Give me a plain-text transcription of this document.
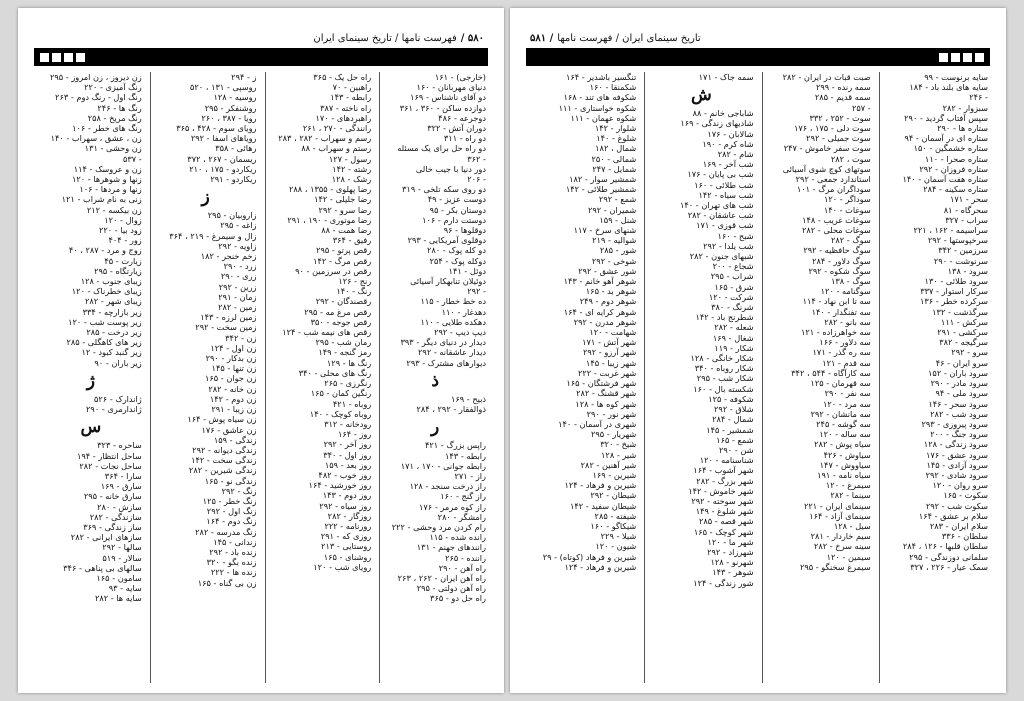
۵۸۰ /
فهرست نامها / تاریخ سینمای ایران
(خارجی) - ۱۶۱
دنیای مهربانان - ۱۶۰
دو آقای ناشناس - ۱۶۹
دوازده ساکن - ۳۶۰ ، ۳۶۱
دوجرعه - ۴۸۶
دوران آتش - ۳۲۲
دو راه - ۳۱۱
دو راه حل برای یک مسئله
- ۳۶۲
دور دنیا با جیب خالی
- ۲۰۶
دو روی سکه تلخی - ۳۱۹
دوست عزیز - ۴۹
دوستان بکر - ۹۵
دوستت دارم - ۱۰۶
دوقلوها - ۹۶
دوقلوی آمریکایی - ۲۹۳
دو کله پوک - ۲۸۰
دوکله پوک - ۲۵۴
دوئل - ۱۴۱
دوئیلان تنابهکار آسیائی
- ۲۹۲
ده خط خطار - ۱۱۵
دهدغار - ۱۱۰
دهکده طلایی - ۱۱۰
دیپ دیپ - ۲۹۲
دیدار در دنیای دیگر - ۳۹۳
دیدار عاشقانه - ۲۹۲
دیوارهای مشترک - ۲۹۳
ذ
ذبیح - ۱۶۹
ذوالفقار - ۲۹۲ ، ۲۸۴
ر
راپس بزرگ - ۴۲۱
رابطه - ۱۴۳
رابطه جوانی - ۱۷۰ ، ۱۷۱
راز - ۲۷۱
راز درخت سنجد - ۱۲۸
راز گنج - ۱۶۰
راز کوه مرمر - ۱۷۶
رامشگر - ۲۸۰
رام کردن مرد وحشی - ۲۲۲
رانده شده - ۱۱۵
رانندهای جهنم - ۱۳۱
راننده - ۲۶۵
راه آهن - ۲۹۰
راه آهن ایران - ۲۶۲ ، ۲۶۳
راه آهن دولتی - ۲۹۵
راه حل دو - ۳۶۵
راه حل یک - ۳۶۵
راهبین - ۷۰
رابطه - ۱۴۳
راه ناخته - ۳۸۷
راهبردهای - ۱۷۰
رانندگی - ۲۷۰ ، ۲۶۱
رسم و سهراب - ۲۸۲ ، ۲۸۳
رستم و سهراب - ۸۸
رسول - ۱۲۷
رشته - ۱۴۲
رشک - ۱۲۸
رضا پهلوی - ۱۳۵۵ ، ۲۸۸
رضا جلیلی - ۱۴۲
رضا سرو - ۲۹۲
رضا موتوری - ۱۹۰ ، ۲۹۱
رضا همت - ۸۸
رفیق - ۳۶۴
رقص پرتو - ۲۹۵
رقص مرگ - ۱۴۲
رقص در سرزمین - ۹۰
رنج - ۱۲۶
رنگ - ۱۴۰
رقصندگان - ۲۹۲
رقص مرغ مه - ۲۹۵
رقص جوجه - ۳۵۰
رقص های نیمه شب - ۱۲۴
رمان شب - ۲۹۵
رمز گنجه - ۱۴۹
رنگ ها - ۱۲۹
رنگ های محلی - ۳۴۰
رنگرزی - ۲۶۵
رنگین کمان - ۱۶۵
روباه - ۴۲۱
روباه کوچک - ۱۴۰
رودخانه - ۳۱۲
روز - ۱۶۴
روز آخر - ۲۹۲
روز اول - ۳۴۰
روز بعد - ۱۵۹
روز خوب - ۴۸۲
روز خورشید - ۱۶۴
روز دوم - ۱۴۳
روز سیاه - ۲۹۲
روزگار - ۲۸۲
روزنامه - ۲۲۲
روزی که - ۲۹۱
روستایی - ۲۱۳
روشنای - ۱۶۵
رویای شب - ۱۲۰
ز - ۲۹۴
روسپی - ۱۳۱ ، ۵۲۰
روسیه - ۱۲۸
روشنفکر - ۲۹۵
رویا - ۳۸۷ ، ۲۶۰
رویای سوم - ۴۲۸ ، ۳۶۵
رویاهای اسفا - ۲۹۲
رهائی - ۳۵۸
ریسمان - ۲۶۷ ، ۳۷۲
ریکاردو - ۱۷۵ ، ۲۱۰
ریکاردو - ۲۹۱
ز
زاروبیان - ۲۹۵
زاغه - ۲۹۵
زال و سیمرغ - ۲۱۹ ، ۳۶۴
زاویه - ۲۹۲
زخم خنجر - ۱۸۲
زرد - ۲۹۰
زری - ۲۹۰
زرین - ۲۹۲
زمان - ۲۹۱
زمین - ۲۸۲
زمین لرزه - ۱۴۳
زمین سخت - ۲۹۲
زن - ۳۴۲
زن اول - ۱۲۴
زن بدکار - ۲۹۰
زن تنها - ۱۴۵
زن جوان - ۱۶۵
زن خانه - ۲۸۲
زن دوم - ۱۴۲
زن زیبا - ۲۹۱
زن سیاه پوش - ۱۶۴
زن عاشق - ۱۷۶
زندگی - ۱۵۹
زندگی دیوانه - ۲۹۲
زندگی سخت - ۱۴۲
زندگی شیرین - ۲۸۲
زندگی نو - ۱۶۵
زنگ - ۲۹۲
زنگ خطر - ۱۲۵
زنگ اول - ۲۹۲
زنگ دوم - ۱۶۴
زنگ مدرسه - ۲۸۲
زندانی - ۱۴۵
زنده باد - ۲۹۲
زنده بگو - ۳۲۰
زنده ها - ۲۲۲
زن بی گناه - ۱۶۵
زن دیروز ، زن امروز - ۲۹۵
رنگ آمیزی - ۲۲۰
رنگ اول - رنگ دوم - ۲۶۳
رنگ ها - ۲۴۶
رنگ مریخ - ۲۵۸
رنگ های خطر - ۱۰۶
زن ، عشق ، سهراب - ۱۴۰
زن وحشی - ۱۳۱
- ۵۳۷
زن و عروسک - ۱۱۴
زنها و شوهرها - ۱۲۰
زنها و مردها - ۱۰۶
زنی به نام شراب - ۱۲۱
زن بیکسه - ۲۱۲
زوال - ۱۲۰
زود بیا - ۲۲۰
زور - ۴۰۴
زوج و مرد - ۲۸۷ ، ۴۰
زیارت - ۴۵
زیارتگاه - ۲۹۵
زیبای جنوب - ۱۲۸
زیبای خطرناک - ۱۲۰
زیبای شهر - ۲۸۲
زیر بازارچه - ۳۳۴
زیر پوست شب - ۱۲۰
زیر درخت - ۲۸۵
زیر های کاهگلی - ۲۸۵
زیر گنبد کبود - ۱۲
زیر باران - ۹۰
ژ
ژاندارک - ۵۲۶
ژاندارمری - ۲۹۰
س
ساحره - ۳۲۳
ساحل انتظار - ۱۹۴
ساحل نجات - ۲۸۲
سارا - ۳۶۴
سارق - ۱۶۹
سارق خانه - ۲۹۵
سازش - ۲۸۰
سازندگی - ۲۸۲
ساز زندگی - ۳۶۹
سازهای ایرانی - ۲۸۲
سالها - ۲۹۲
سالار - ۵۱۹
سالهای بی پناهی - ۳۴۶
سامون - ۱۶۵
سایه - ۹۳
سایه ها - ۲۸۲
تاریخ سینمای ایران / فهرست نامها
/ ۵۸۱
سایه برنوست - ۹۹
سایه های بلند باد - ۱۸۴
- ۲۴۶
سبزوار - ۲۸۲
سپس آفتاب گردید - ۲۹۰
ستاره ها - ۲۹۰
ستاره ای در آسمان - ۹۴
ستاره خشمگین - ۱۵۰
ستاره صحرا - ۱۱۰
ستاره فروزان - ۲۹۲
ستاره هفت آسمان - ۱۴۰
ستاره سکینه - ۲۸۴
سحر - ۱۷۱
سحرگاه - ۸۱
سراب - ۳۲۷
سراسیمه - ۱۶۲ ، ۲۲۱
سرخپوستها - ۲۹۲
سرزمین - ۳۴۲
سرنوشت - ۲۹۰
سرود - ۱۳۸
سرود طلائی - ۱۳۰
سرکار استوار - ۳۳۷
سرکرده خطر - ۱۳۶
سرگذشت - ۱۳۲
سرکش - ۱۱۱
سرکشی - ۲۹۱
سرگیجه - ۳۸۲
سرو - ۲۹۲
سرو ایران - ۴۶
سرود باران - ۱۵۲
سرود مادر - ۲۹۰
سرود ملی - ۹۴
سرود سحر - ۱۴۶
سرود شب - ۲۸۲
سرود پیروزی - ۲۹۳
سرود جنگ - ۲۰۰
سرود زندگی - ۱۲۸
سرود عشق - ۱۷۶
سرود آزادی - ۱۴۵
سرود شادی - ۲۹۲
سرو روان - ۱۲۰
سکوت - ۱۶۵
سکوت شب - ۲۹۲
سلام بر عشق - ۱۶۴
سلام ایران - ۲۸۳
سلطان - ۳۳۶
سلطان قلبها - ۱۲۶ ، ۲۸۴
سلمانی دوزندگی - ۲۹۵
سمک عیار - ۲۲۶ ، ۳۲۷
صبت قبات در ایران - ۲۸۲
سمه رنده - ۲۹۹
سمه قدیم - ۲۸۵
- ۲۵۷
سوت - ۲۵۲ ، ۳۳۲
سوت دلی - ۱۷۵ ، ۱۷۶
سوت جمیلی - ۲۹۲
سوت سفر خاموش - ۲۴۷
سوت ، ۲۸۲
سوتهای کوچ شوی آسیائی
استاندارد جمعی - ۲۹۲
سوداگران مرگ - ۱۰۱
سوداگر - ۱۲۰
سوغات - ۱۴۰
سوغات غریب - ۱۴۸
سوغات محلی - ۲۸۲
سوگ - ۲۸۲
سوگ حافظیه - ۲۹۲
سوگ دلاور - ۲۸۴
سوگ شکوه - ۲۹۲
سوگ - ۱۳۸
سوگنامه - ۱۲۰
سه تا ابن نهاد - ۱۱۴
سه تفنگدار - ۱۴۰
سه بانو - ۲۸۲
سه خواهرزاده - ۱۲۱
سه دلاور - ۱۶۶
سه ره گذر - ۱۷۱
سه قدم - ۱۲۱
سه کارآگاه - ۵۴۴ ، ۳۴۲
سه قهرمان - ۱۲۵
سه نفر - ۲۹۰
سه مرد - ۱۲۰
سه مانشان - ۲۹۲
سه گوشه - ۲۴۵
سه ساله - ۱۲۰
سیاه پوش - ۲۸۲
سیاوش - ۴۲۶
سیاووش - ۱۴۷
سیاه نامه - ۱۹۱
سیمرغ - ۱۲۰
سینما - ۲۸۲
سینمای ایران - ۲۲۱
سینمای آزاد - ۱۶۴
سیل - ۱۲۸
سیم خاردار - ۲۸۱
سینه سرخ - ۲۸۲
سیمین - ۱۲۰
سیمرغ سخنگو - ۲۹۵
سمه جاک - ۱۷۱
ش
شاباجی خانم - ۸۸
شادیهای زندگی - ۱۶۹
شالابان - ۱۷۶
شاه کرم - ۱۹۰
شام - ۲۸۲
شب آخر - ۱۶۹
شب بی پایان - ۱۷۶
شب طلائی - ۱۶۰
شب سیاه - ۱۴۲
شب های تهران - ۱۴۰
شب عاشقان - ۲۸۲
شب قوزی - ۱۷۱
شبح - ۱۶۰
شب یلدا - ۲۹۲
شبهای جنون - ۲۸۲
شجاع - ۲۰۰
شراب - ۲۹۵
شرق - ۱۶۵
شرکت - ۱۲۰
شرنگ - ۳۸۰
شطرنج باد - ۱۴۲
شعله - ۲۸۲
شغال - ۱۶۹
شکار - ۱۱۹
شکار خانگی - ۱۲۸
شکار روباه - ۳۴۰
شکار شب - ۲۹۵
شکسته بال - ۱۶۰
شکوفه - ۱۲۵
شلاق - ۲۹۲
شمال - ۲۸۴
شمشیر - ۱۴۵
شمع - ۱۶۵
شن - ۲۹۰
شناسنامه - ۱۲۰
شهر آشوب - ۱۶۴
شهر بزرگ - ۲۸۲
شهر خاموش - ۱۴۲
شهر سوخته - ۲۹۲
شهر شلوغ - ۱۴۹
شهر قصه - ۲۸۵
شهر کوچک - ۱۶۵
شهر ما - ۱۲۰
شهرزاد - ۲۹۲
شهرنو - ۱۲۸
شوهر - ۱۴۳
شور زندگی - ۱۲۴
تنگسیر باشدیر - ۱۶۴
شکمنقا - ۱۶۰
شکوفه های تند - ۱۶۸
شکوه خواستاری - ۱۱۱
شکوه عهمان - ۱۱۱
شلوار - ۱۴۲
شلوغ - ۱۴۰
شمال ، ۱۸۲
شمالی - ۲۵۰
شمایل - ۲۴۷
شمشیر سوار - ۱۸۲
شمشیر طلائی - ۱۴۲
شمع - ۲۹۲
شمیران - ۲۹۲
شنل - ۱۵۹
شنهای سرخ - ۱۱۷
شوالیه - ۲۱۹
شور - ۲۸۵
شوخی - ۲۹۲
شور عشق - ۲۹۲
شوهر آهو خانم - ۱۴۳
شوهر بد - ۱۶۵
شوهر دوم - ۲۴۹
شوهر کرایه ای - ۱۶۴
شوهر مدرن - ۲۹۲
شهامت - ۱۲۰
شهر آتش - ۱۷۱
شهر آرزو - ۲۹۲
شهر زیبا - ۱۴۵
شهر غربت - ۲۲۲
شهر فرشتگان - ۱۶۵
شهر قشنگ - ۲۸۲
شهر کوه ها - ۱۲۸
شهر نور - ۲۹۰
شهری در آسمان - ۱۴۰
شهریار - ۲۹۵
شیخ - ۳۲۰
شیر - ۱۲۸
شیر آهنین - ۲۸۲
شیرین - ۱۶۹
شیرین و فرهاد - ۱۲۴
شیطان - ۲۹۲
شیطان سفید - ۱۴۲
شیفته - ۲۸۵
شیکاگو - ۱۶۰
شیلا - ۲۲۹
شیون - ۱۲۰
شیرین و فرهاد (کوتاه) - ۲۹
شیرین و فرهاد - ۱۲۴
